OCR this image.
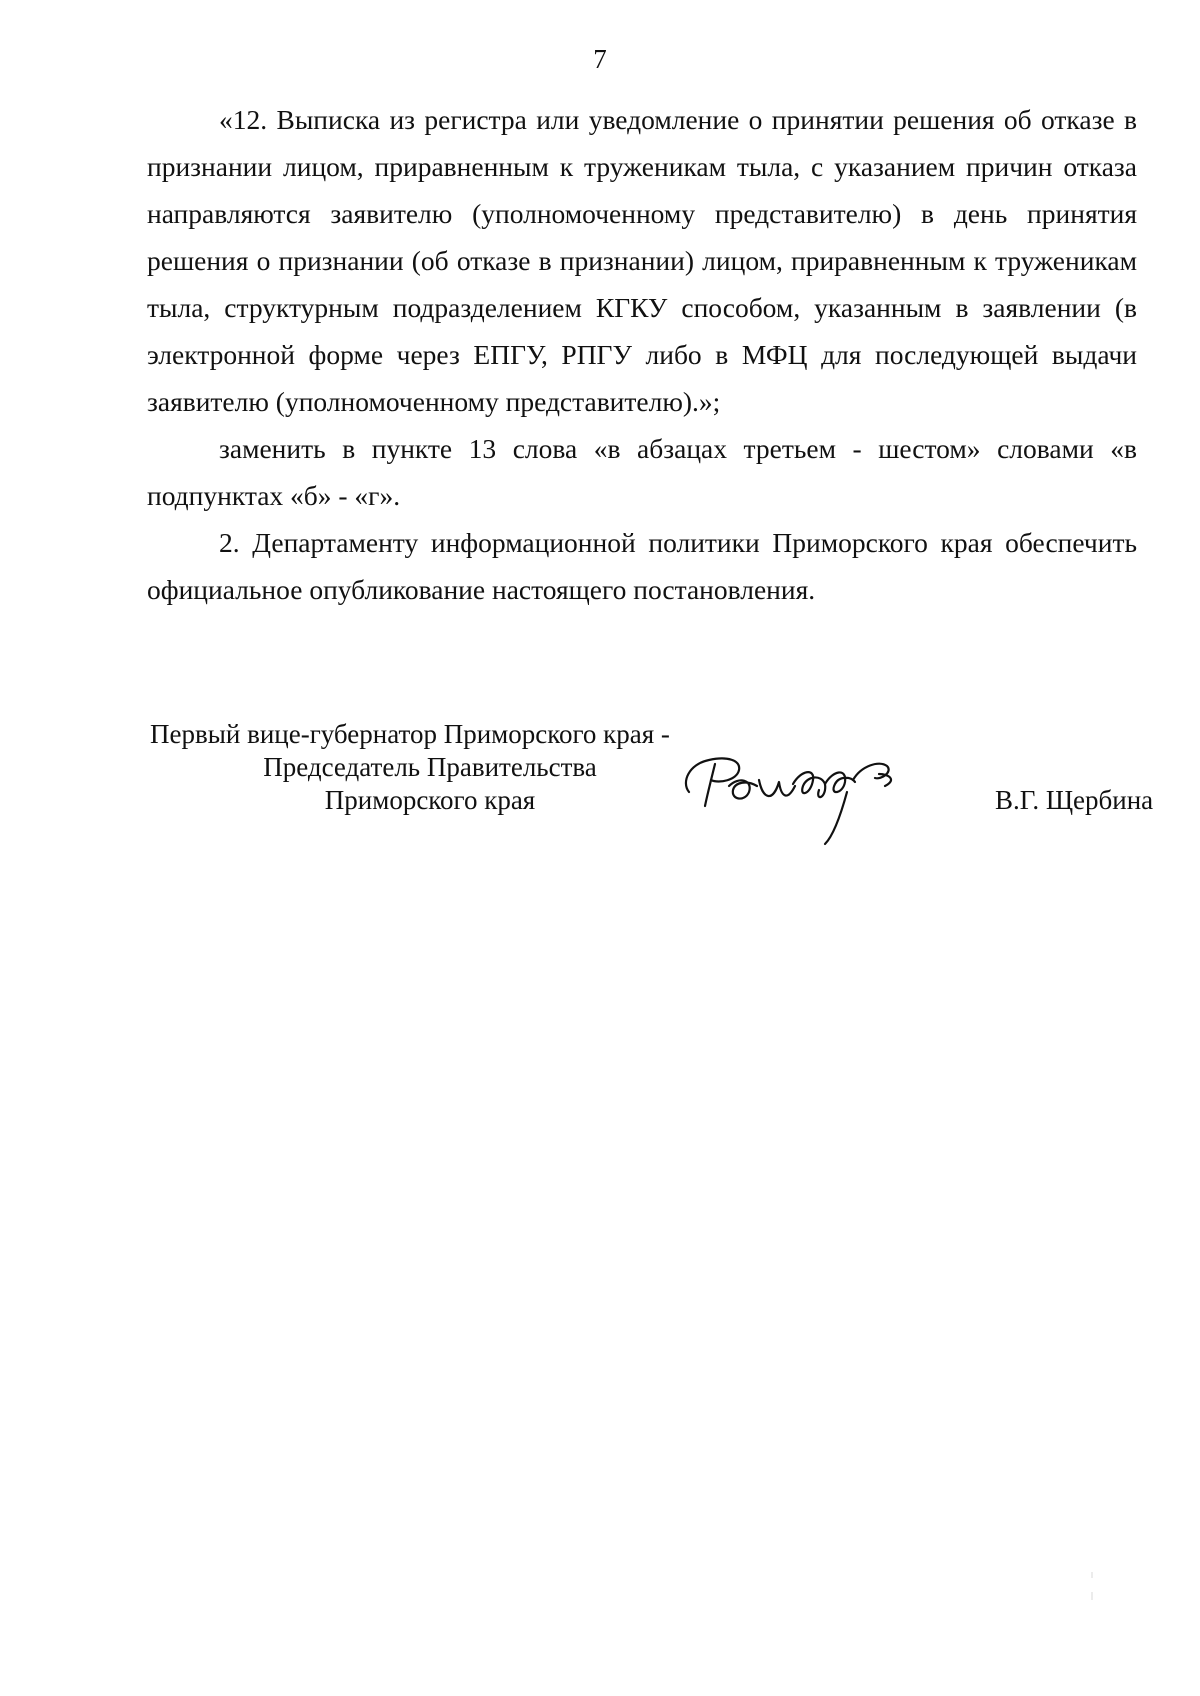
7

«12. Выписка из регистра или уведомление о принятии решения об отказе в признании лицом, приравненным к труженикам тыла, с указанием причин отказа направляются заявителю (уполномоченному представителю) в день принятия решения о признании (об отказе в признании) лицом, приравненным к труженикам тыла, структурным подразделением КГКУ способом, указанным в заявлении (в электронной форме через ЕПГУ, РПГУ либо в МФЦ для последующей выдачи заявителю (уполномоченному представителю).»;

заменить в пункте 13 слова «в абзацах третьем - шестом» словами «в подпунктах «б» - «г».

2. Департаменту информационной политики Приморского края обеспечить официальное опубликование настоящего постановления.

Первый вице-губернатор Приморского края -
Председатель Правительства
Приморского края	В.Г. Щербина
